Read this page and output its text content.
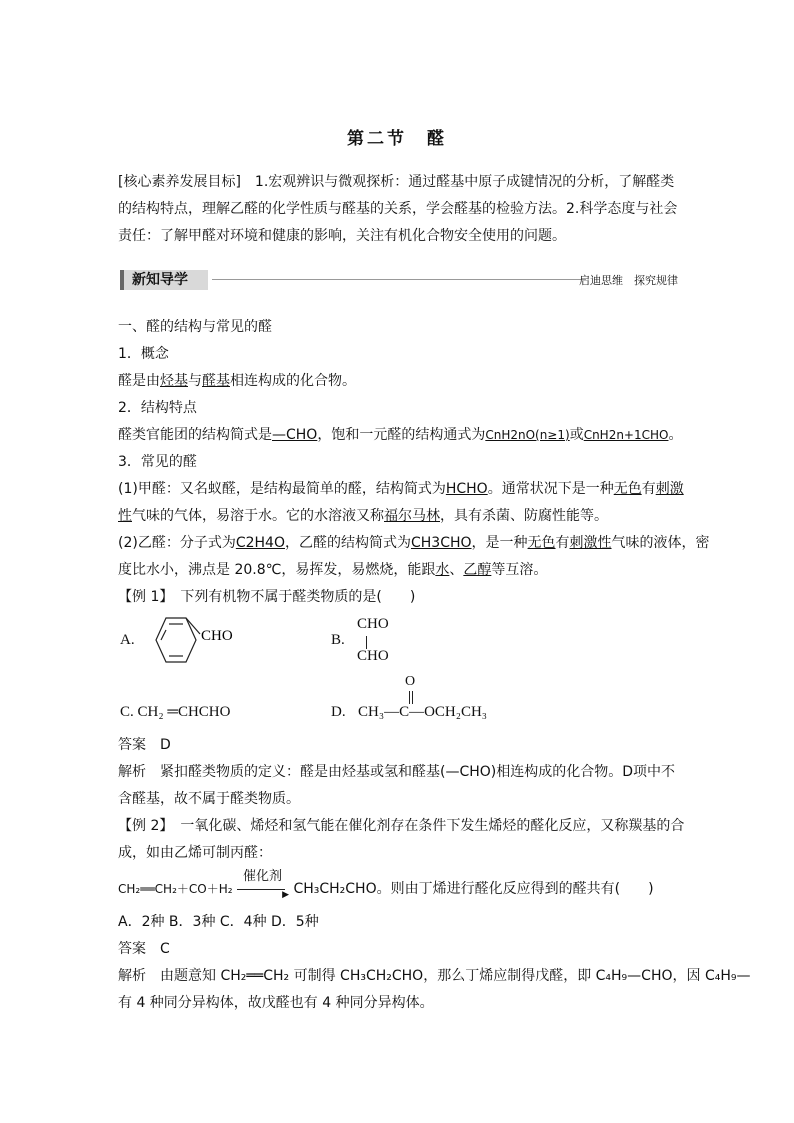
第二节　醛
[核心素养发展目标]　1.宏观辨识与微观探析：通过醛基中原子成键情况的分析，了解醛类
的结构特点，理解乙醛的化学性质与醛基的关系，学会醛基的检验方法。2.科学态度与社会
责任：了解甲醛对环境和健康的影响，关注有机化合物安全使用的问题。
新知导学	启迪思维　探究规律
一、醛的结构与常见的醛
1．概念
醛是由烃基与醛基相连构成的化合物。
2．结构特点
醛类官能团的结构简式是—CHO，饱和一元醛的结构通式为CnH2nO(n≥1)或CnH2n+1CHO。
3．常见的醛
(1)甲醛：又名蚁醛，是结构最简单的醛，结构简式为HCHO。通常状况下是一种无色有刺激
性气味的气体，易溶于水。它的水溶液又称福尔马林，具有杀菌、防腐性能等。
(2)乙醛：分子式为C2H4O，乙醛的结构简式为CH3CHO，是一种无色有刺激性气味的液体，密
度比水小，沸点是 20.8℃，易挥发，易燃烧，能跟水、乙醇等互溶。
【例 1】　下列有机物不属于醛类物质的是(　　)
A.	CHO	B.
CHO
CHO
C. CH₂ ═CHCHO	D.
O
CH₃—C—OCH₂CH₃
答案　D
解析　紧扣醛类物质的定义：醛是由烃基或氢和醛基(—CHO)相连构成的化合物。D项中不
含醛基，故不属于醛类物质。
【例 2】　一氧化碳、烯烃和氢气能在催化剂存在条件下发生烯烃的醛化反应，又称羰基的合
成，如由乙烯可制丙醛：
CH₂══CH₂＋CO＋H₂
催化剂
▶ CH₃CH₂CHO。则由丁烯进行醛化反应得到的醛共有(　　)
A．2种 B．3种 C．4种 D．5种
答案　C
解析　由题意知 CH₂══CH₂ 可制得 CH₃CH₂CHO，那么丁烯应制得戊醛，即 C₄H₉—CHO，因 C₄H₉—
有 4 种同分异构体，故戊醛也有 4 种同分异构体。
